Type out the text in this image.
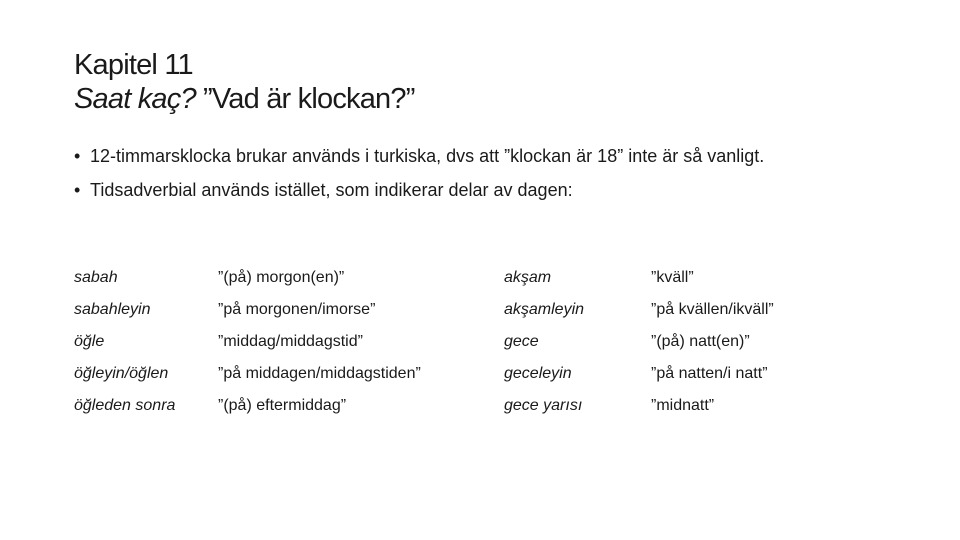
Kapitel 11
Saat kaç? ”Vad är klockan?”
• 12-timmarsklocka brukar används i turkiska, dvs att ”klockan är 18” inte är så vanligt.
• Tidsadverbial används istället, som indikerar delar av dagen:
sabah	”(på) morgon(en)”	akşam	”kväll”
sabahleyin	”på morgonen/imorse”	akşamleyin	”på kvällen/ikväll”
öğle	”middag/middagstid”	gece	”(på) natt(en)”
öğleyin/öğlen	”på middagen/middagstiden”	geceleyin	”på natten/i natt”
öğleden sonra	”(på) eftermiddag”	gece yarısı	”midnatt”
